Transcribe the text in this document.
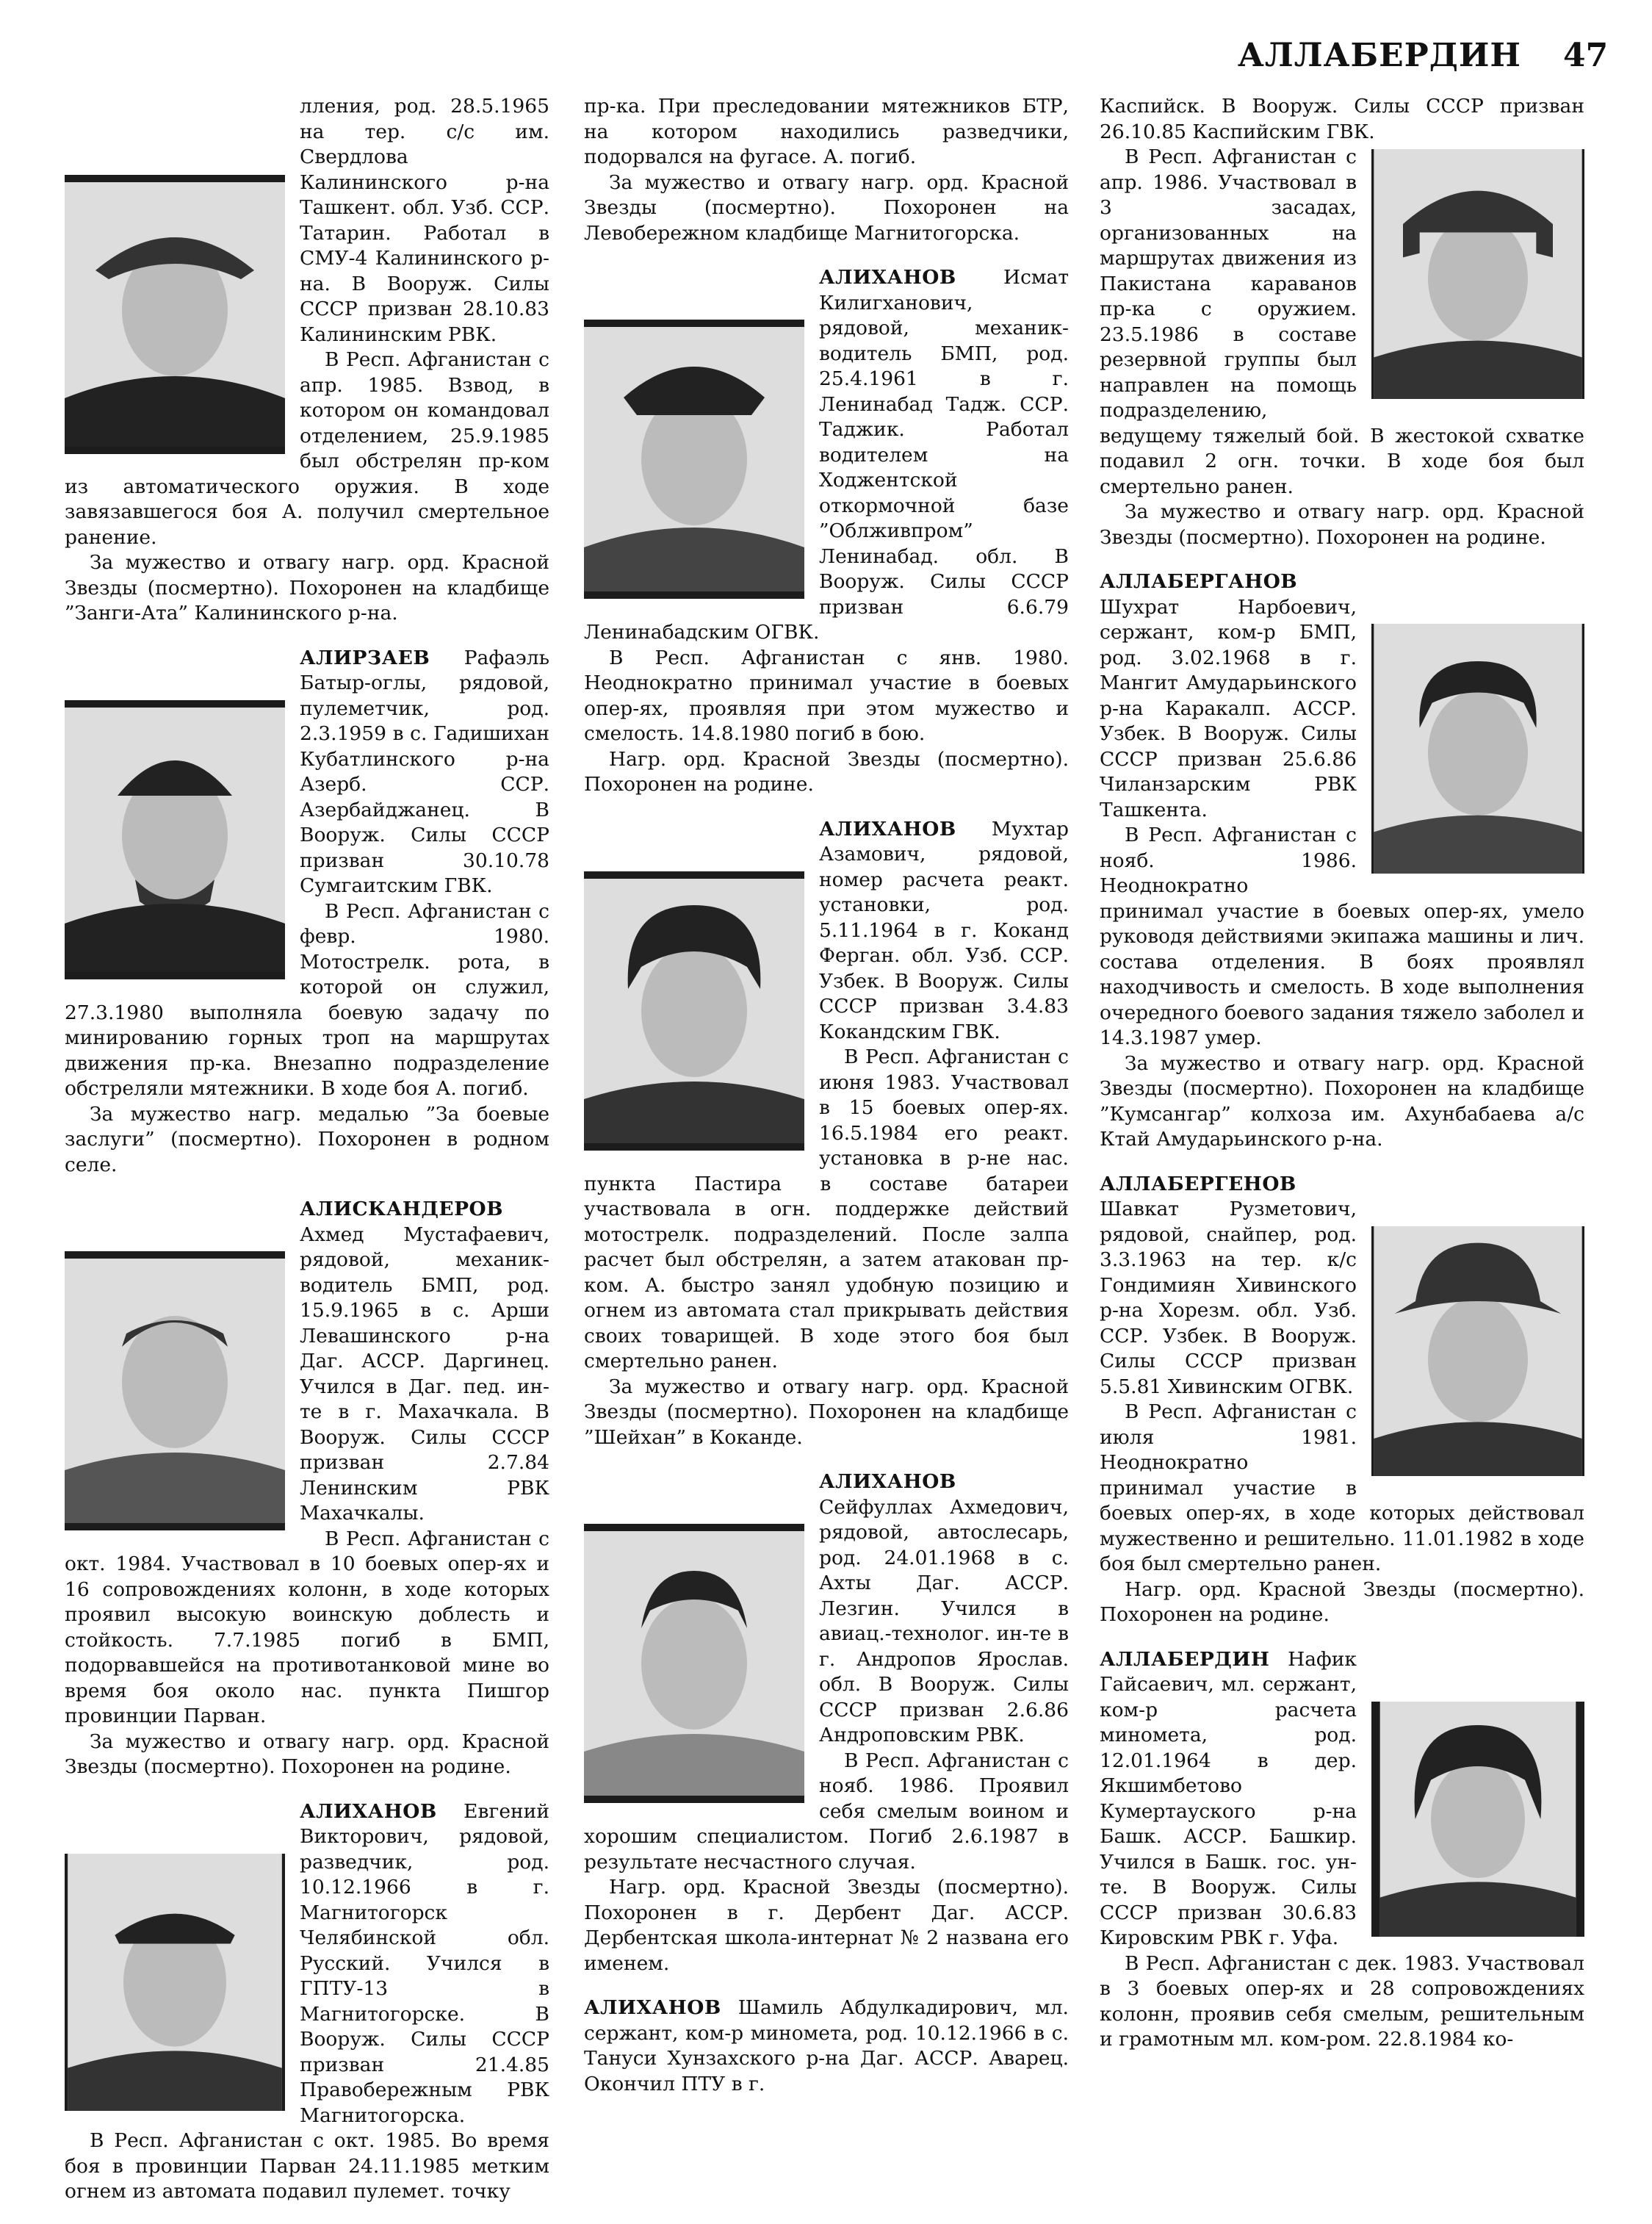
АЛЛАБЕРДИН 47

лления, род. 28.5.1965 на тер. с/с им. Свердлова Калининского р-на Ташкент. обл. Узб. ССР. Татарин. Работал в СМУ-4 Калининского р-на. В Вооруж. Силы СССР призван 28.10.83 Калининским РВК.

В Респ. Афганистан с апр. 1985. Взвод, в котором он командовал отделением, 25.9.1985 был обстрелян пр-ком из автоматического оружия. В ходе завязавшегося боя А. получил смертельное ранение.

За мужество и отвагу нагр. орд. Красной Звезды (посмертно). Похоронен на кладбище ”Занги-Ата” Калининского р-на.

АЛИРЗАЕВ Рафаэль Батыр-оглы, рядовой, пулеметчик, род. 2.3.1959 в с. Гадишихан Кубатлинского р-на Азерб. ССР. Азербайджанец. В Вооруж. Силы СССР призван 30.10.78 Сумгаитским ГВК.

В Респ. Афганистан с февр. 1980. Мотострелк. рота, в которой он служил, 27.3.1980 выполняла боевую задачу по минированию горных троп на маршрутах движения пр-ка. Внезапно подразделение обстреляли мятежники. В ходе боя А. погиб.

За мужество нагр. медалью ”За боевые заслуги” (посмертно). Похоронен в родном селе.

АЛИСКАНДЕРОВ Ахмед Мустафаевич, рядовой, механик-водитель БМП, род. 15.9.1965 в с. Арши Левашинского р-на Даг. АССР. Даргинец. Учился в Даг. пед. ин-те в г. Махачкала. В Вооруж. Силы СССР призван 2.7.84 Ленинским РВК Махачкалы.

В Респ. Афганистан с окт. 1984. Участвовал в 10 боевых опер-ях и 16 сопровождениях колонн, в ходе которых проявил высокую воинскую доблесть и стойкость. 7.7.1985 погиб в БМП, подорвавшейся на противотанковой мине во время боя около нас. пункта Пишгор провинции Парван.

За мужество и отвагу нагр. орд. Красной Звезды (посмертно). Похоронен на родине.

АЛИХАНОВ Евгений Викторович, рядовой, разведчик, род. 10.12.1966 в г. Магнитогорск Челябинской обл. Русский. Учился в ГПТУ-13 в Магнитогорске. В Вооруж. Силы СССР призван 21.4.85 Правобережным РВК Магнитогорска.

В Респ. Афганистан с окт. 1985. Во время боя в провинции Парван 24.11.1985 метким огнем из автомата подавил пулемет. точку

пр-ка. При преследовании мятежников БТР, на котором находились разведчики, подорвался на фугасе. А. погиб.

За мужество и отвагу нагр. орд. Красной Звезды (посмертно). Похоронен на Левобережном кладбище Магнитогорска.

АЛИХАНОВ Исмат Килигханович, рядовой, механик-водитель БМП, род. 25.4.1961 в г. Ленинабад Тадж. ССР. Таджик. Работал водителем на Ходжентской откормочной базе ”Облживпром” Ленинабад. обл. В Вооруж. Силы СССР призван 6.6.79 Ленинабадским ОГВК.

В Респ. Афганистан с янв. 1980. Неоднократно принимал участие в боевых опер-ях, проявляя при этом мужество и смелость. 14.8.1980 погиб в бою.

Нагр. орд. Красной Звезды (посмертно). Похоронен на родине.

АЛИХАНОВ Мухтар Азамович, рядовой, номер расчета реакт. установки, род. 5.11.1964 в г. Коканд Ферган. обл. Узб. ССР. Узбек. В Вооруж. Силы СССР призван 3.4.83 Кокандским ГВК.

В Респ. Афганистан с июня 1983. Участвовал в 15 боевых опер-ях. 16.5.1984 его реакт. установка в р-не нас. пункта Пастира в составе батареи участвовала в огн. поддержке действий мотострелк. подразделений. После залпа расчет был обстрелян, а затем атакован пр-ком. А. быстро занял удобную позицию и огнем из автомата стал прикрывать действия своих товарищей. В ходе этого боя был смертельно ранен.

За мужество и отвагу нагр. орд. Красной Звезды (посмертно). Похоронен на кладбище ”Шейхан” в Коканде.

АЛИХАНОВ Сейфуллах Ахмедович, рядовой, автослесарь, род. 24.01.1968 в с. Ахты Даг. АССР. Лезгин. Учился в авиац.-технолог. ин-те в г. Андропов Ярослав. обл. В Вооруж. Силы СССР призван 2.6.86 Андроповским РВК.

В Респ. Афганистан с нояб. 1986. Проявил себя смелым воином и хорошим специалистом. Погиб 2.6.1987 в результате несчастного случая.

Нагр. орд. Красной Звезды (посмертно). Похоронен в г. Дербент Даг. АССР. Дербентская школа-интернат № 2 названа его именем.

АЛИХАНОВ Шамиль Абдулкадирович, мл. сержант, ком-р миномета, род. 10.12.1966 в с. Тануси Хунзахского р-на Даг. АССР. Аварец. Окончил ПТУ в г.

Каспийск. В Вооруж. Силы СССР призван 26.10.85 Каспийским ГВК.

В Респ. Афганистан с апр. 1986. Участвовал в 3 засадах, организованных на маршрутах движения из Пакистана караванов пр-ка с оружием. 23.5.1986 в составе резервной группы был направлен на помощь подразделению, ведущему тяжелый бой. В жестокой схватке подавил 2 огн. точки. В ходе боя был смертельно ранен.

За мужество и отвагу нагр. орд. Красной Звезды (посмертно). Похоронен на родине.

АЛЛАБЕРГАНОВ Шухрат Нарбоевич, сержант, ком-р БМП, род. 3.02.1968 в г. Мангит Амударьинского р-на Каракалп. АССР. Узбек. В Вооруж. Силы СССР призван 25.6.86 Чиланзарским РВК Ташкента.

В Респ. Афганистан с нояб. 1986. Неоднократно принимал участие в боевых опер-ях, умело руководя действиями экипажа машины и лич. состава отделения. В боях проявлял находчивость и смелость. В ходе выполнения очередного боевого задания тяжело заболел и 14.3.1987 умер.

За мужество и отвагу нагр. орд. Красной Звезды (посмертно). Похоронен на кладбище ”Кумсангар” колхоза им. Ахунбабаева а/с Ктай Амударьинского р-на.

АЛЛАБЕРГЕНОВ Шавкат Рузметович, рядовой, снайпер, род. 3.3.1963 на тер. к/с Гондимиян Хивинского р-на Хорезм. обл. Узб. ССР. Узбек. В Вооруж. Силы СССР призван 5.5.81 Хивинским ОГВК.

В Респ. Афганистан с июля 1981. Неоднократно принимал участие в боевых опер-ях, в ходе которых действовал мужественно и решительно. 11.01.1982 в ходе боя был смертельно ранен.

Нагр. орд. Красной Звезды (посмертно). Похоронен на родине.

АЛЛАБЕРДИН Нафик Гайсаевич, мл. сержант, ком-р расчета миномета, род. 12.01.1964 в дер. Якшимбетово Кумертауского р-на Башк. АССР. Башкир. Учился в Башк. гос. ун-те. В Вооруж. Силы СССР призван 30.6.83 Кировским РВК г. Уфа.

В Респ. Афганистан с дек. 1983. Участвовал в 3 боевых опер-ях и 28 сопровождениях колонн, проявив себя смелым, решительным и грамотным мл. ком-ром. 22.8.1984 ко-
